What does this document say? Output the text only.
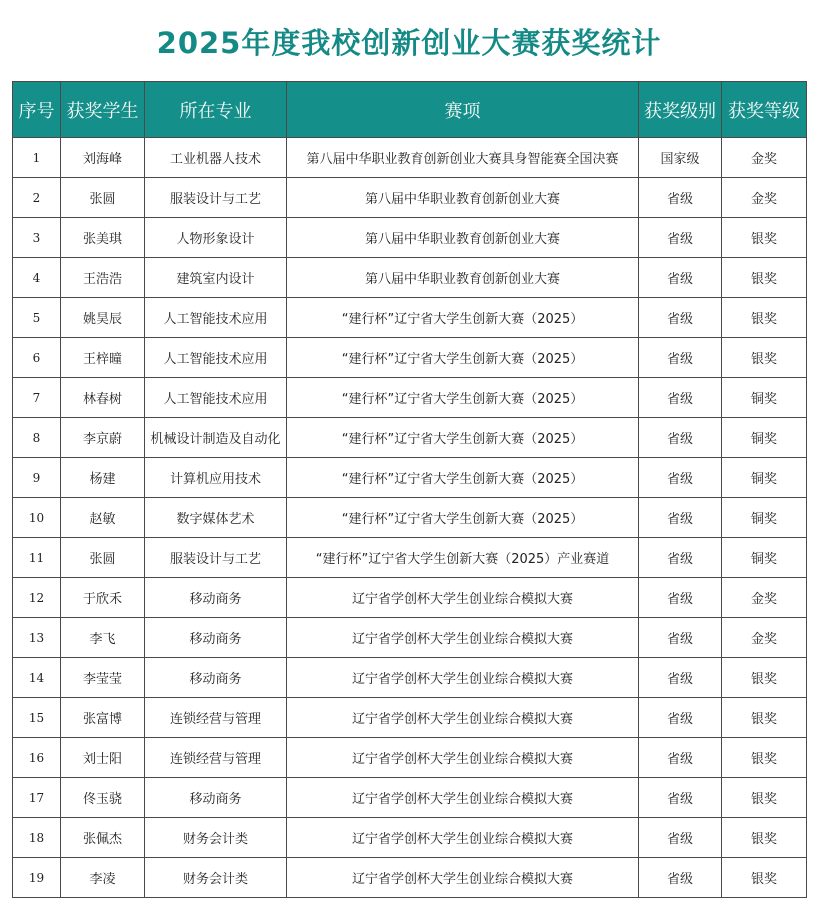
2025年度我校创新创业大赛获奖统计
序号	获奖学生	所在专业	赛项	获奖级别	获奖等级
1	刘海峰	工业机器人技术	第八届中华职业教育创新创业大赛具身智能赛全国决赛	国家级	金奖
2	张圆	服装设计与工艺	第八届中华职业教育创新创业大赛	省级	金奖
3	张美琪	人物形象设计	第八届中华职业教育创新创业大赛	省级	银奖
4	王浩浩	建筑室内设计	第八届中华职业教育创新创业大赛	省级	银奖
5	姚昊辰	人工智能技术应用	“建行杯”辽宁省大学生创新大赛（2025）	省级	银奖
6	王梓曈	人工智能技术应用	“建行杯”辽宁省大学生创新大赛（2025）	省级	银奖
7	林春树	人工智能技术应用	“建行杯”辽宁省大学生创新大赛（2025）	省级	铜奖
8	李京蔚	机械设计制造及自动化	“建行杯”辽宁省大学生创新大赛（2025）	省级	铜奖
9	杨建	计算机应用技术	“建行杯”辽宁省大学生创新大赛（2025）	省级	铜奖
10	赵敏	数字媒体艺术	“建行杯”辽宁省大学生创新大赛（2025）	省级	铜奖
11	张圆	服装设计与工艺	“建行杯”辽宁省大学生创新大赛（2025）产业赛道	省级	铜奖
12	于欣禾	移动商务	辽宁省学创杯大学生创业综合模拟大赛	省级	金奖
13	李飞	移动商务	辽宁省学创杯大学生创业综合模拟大赛	省级	金奖
14	李莹莹	移动商务	辽宁省学创杯大学生创业综合模拟大赛	省级	银奖
15	张富博	连锁经营与管理	辽宁省学创杯大学生创业综合模拟大赛	省级	银奖
16	刘士阳	连锁经营与管理	辽宁省学创杯大学生创业综合模拟大赛	省级	银奖
17	佟玉骁	移动商务	辽宁省学创杯大学生创业综合模拟大赛	省级	银奖
18	张佩杰	财务会计类	辽宁省学创杯大学生创业综合模拟大赛	省级	银奖
19	李凌	财务会计类	辽宁省学创杯大学生创业综合模拟大赛	省级	银奖
